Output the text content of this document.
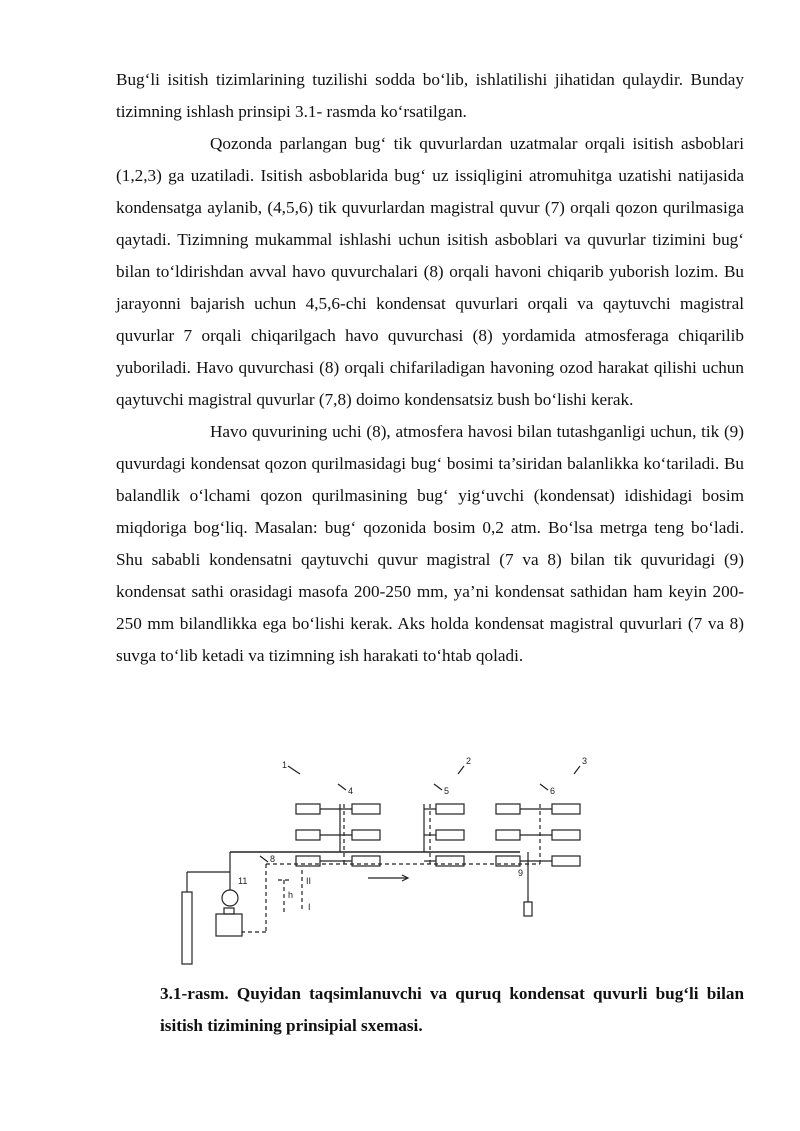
Bug‘li isitish tizimlarining tuzilishi sodda bo‘lib, ishlatilishi jihatidan qulaydir. Bunday tizimning ishlash prinsipi 3.1- rasmda ko‘rsatilgan.

Qozonda parlangan bug‘ tik quvurlardan uzatmalar orqali isitish asboblari (1,2,3) ga uzatiladi. Isitish asboblarida bug‘ uz issiqligini atromuhitga uzatishi natijasida kondensatga aylanib, (4,5,6) tik quvurlardan magistral quvur (7) orqali qozon qurilmasiga qaytadi. Tizimning mukammal ishlashi uchun isitish asboblari va quvurlar tizimini bug‘ bilan to‘ldirishdan avval havo quvurchalari (8) orqali havoni chiqarib yuborish lozim. Bu jarayonni bajarish uchun 4,5,6-chi kondensat quvurlari orqali va qaytuvchi magistral quvurlar 7 orqali chiqarilgach havo quvurchasi (8) yordamida atmosferaga chiqarilib yuboriladi. Havo quvurchasi (8) orqali chifariladigan havoning ozod harakat qilishi uchun qaytuvchi magistral quvurlar (7,8) doimo kondensatsiz bush bo‘lishi kerak.

Havo quvurining uchi (8), atmosfera havosi bilan tutashganligi uchun, tik (9) quvurdagi kondensat qozon qurilmasidagi bug‘ bosimi ta’siridan balanlikka ko‘tariladi. Bu balandlik o‘lchami qozon qurilmasining bug‘ yig‘uvchi (kondensat) idishidagi bosim miqdoriga bog‘liq. Masalan: bug‘ qozonida bosim 0,2 atm. Bo‘lsa metrga teng bo‘ladi. Shu sababli kondensatni qaytuvchi quvur magistral (7 va 8) bilan tik quvuridagi (9) kondensat sathi orasidagi masofa 200-250 mm, ya’ni kondensat sathidan ham keyin 200-250 mm bilandlikka ega bo‘lishi kerak. Aks holda kondensat magistral quvurlari (7 va 8) suvga to‘lib ketadi va tizimning ish harakati to‘htab qoladi.

1	2	3
4	5	6
8
11
h
II
I
9
3.1-rasm. Quyidan taqsimlanuvchi va quruq kondensat quvurli bug‘li bilan isitish tizimining prinsipial sxemasi.
